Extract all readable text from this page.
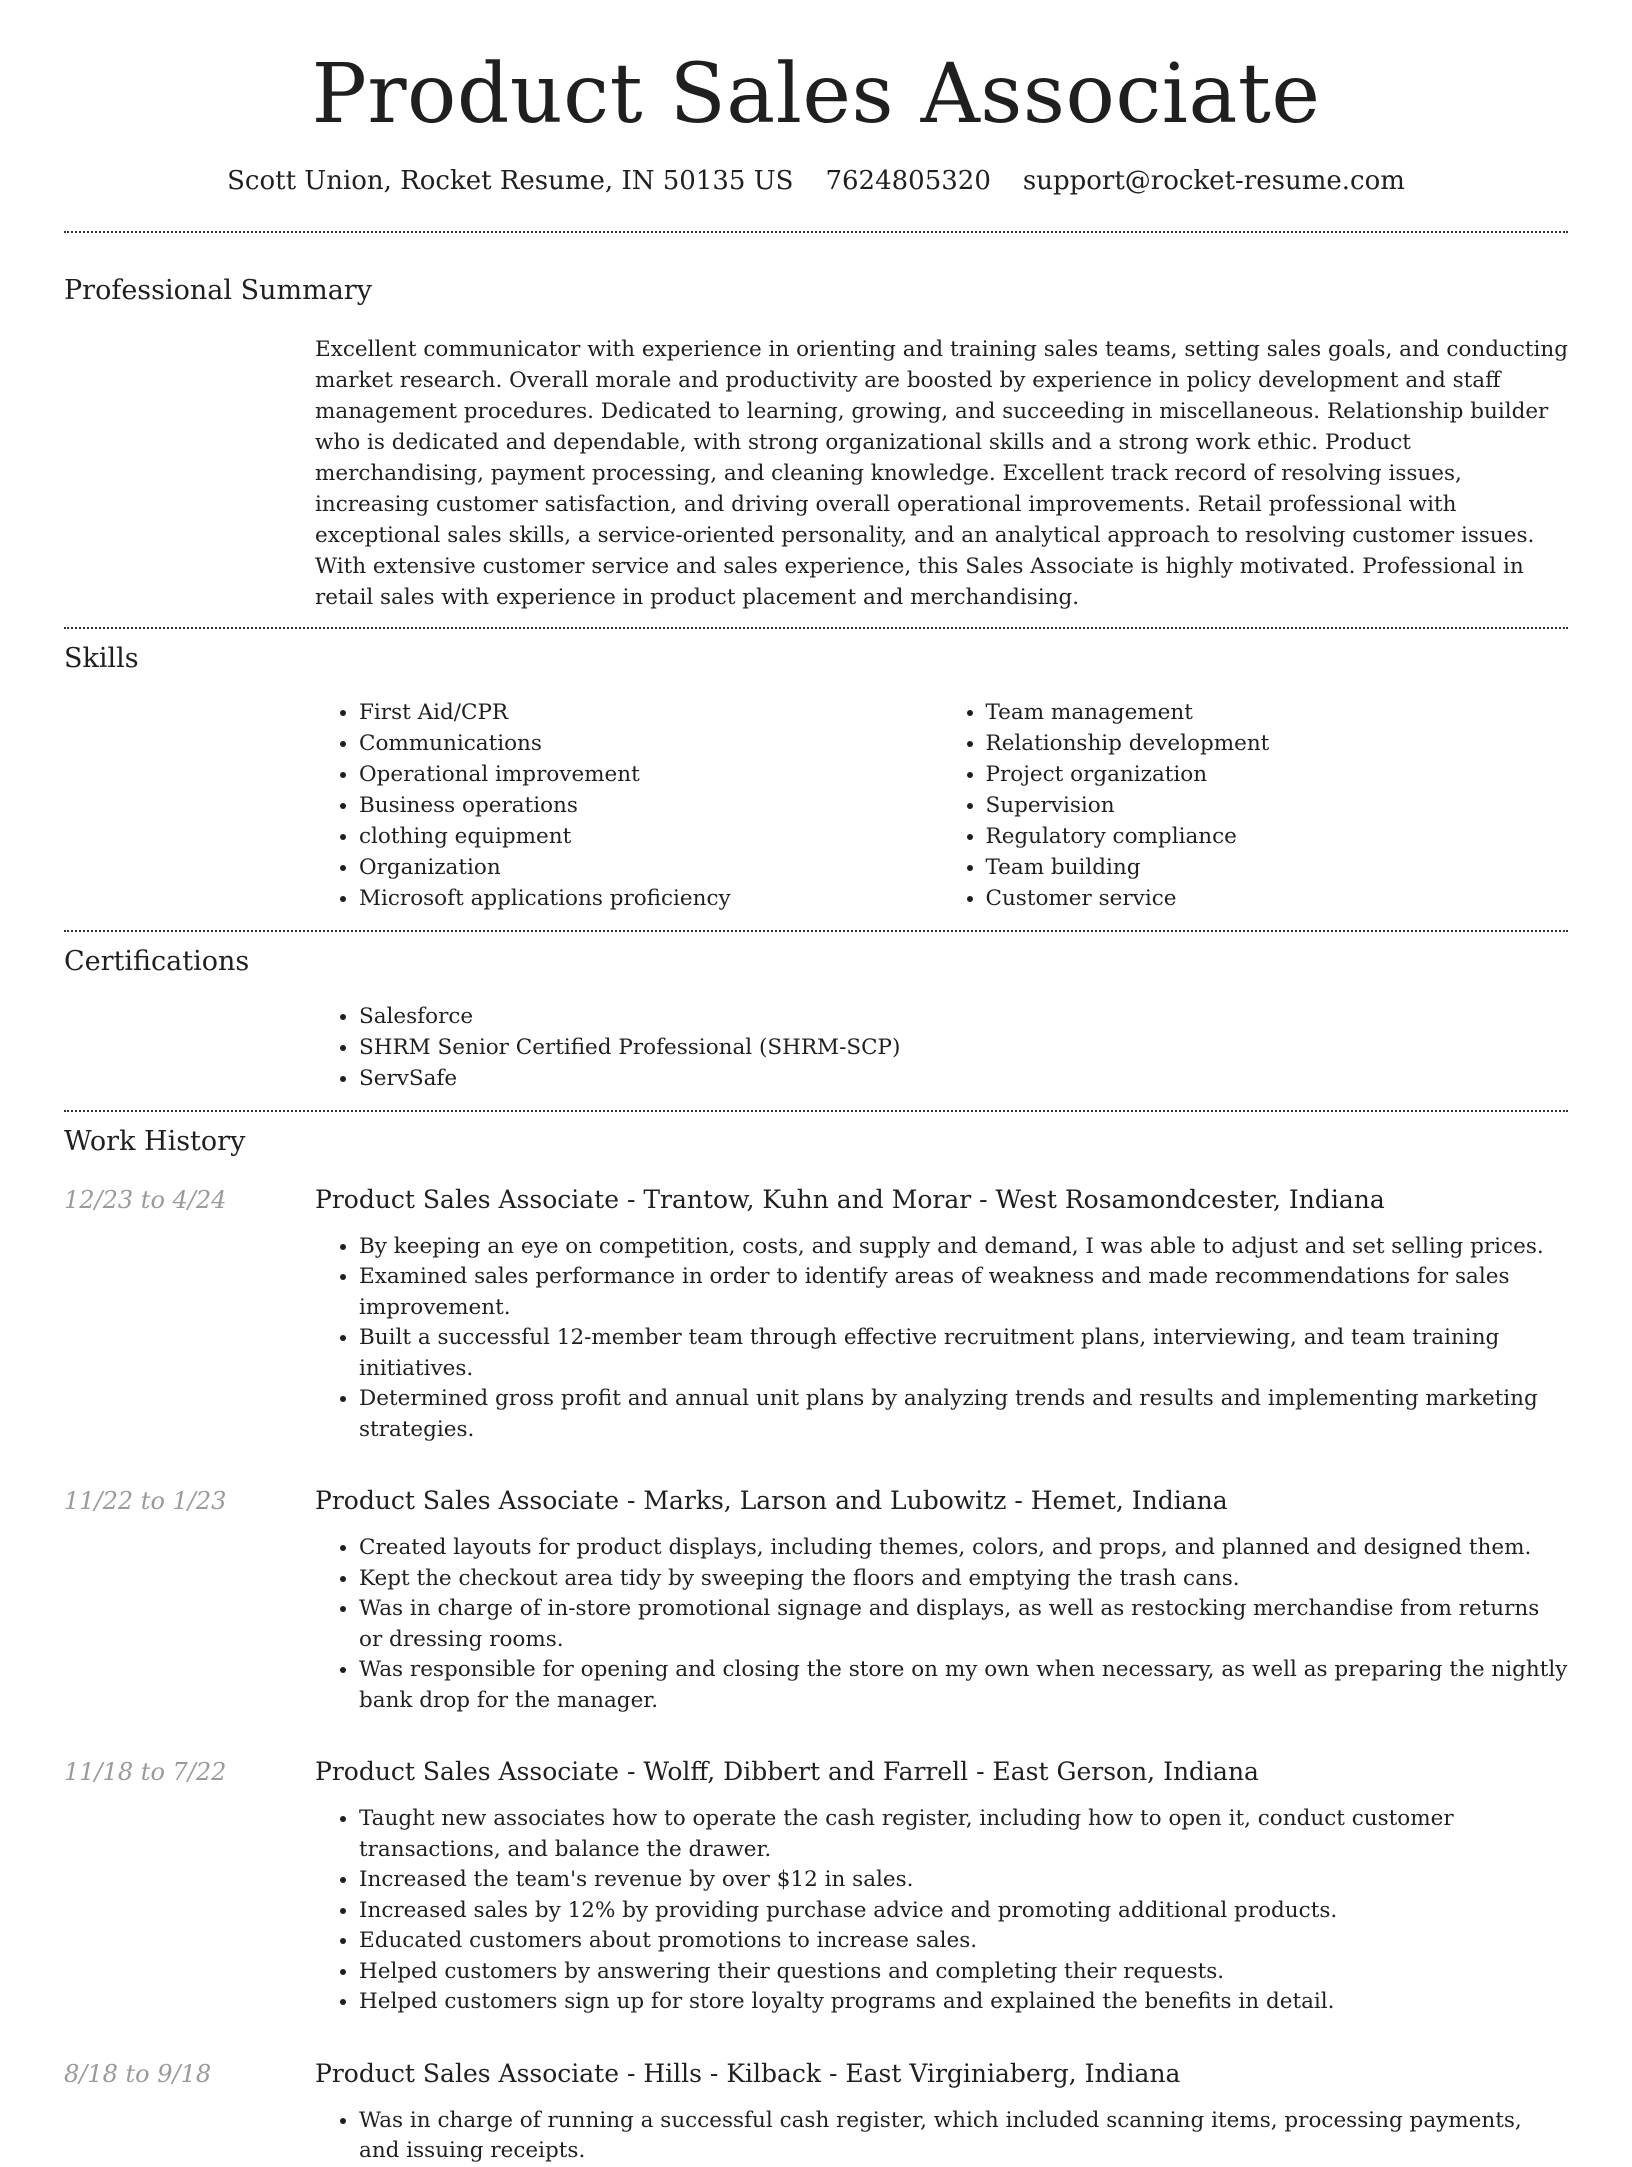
Product Sales Associate
Scott Union, Rocket Resume, IN 50135 US 7624805320 support@rocket-resume.com
Professional Summary
Excellent communicator with experience in orienting and training sales teams, setting sales goals, and conducting market research. Overall morale and productivity are boosted by experience in policy development and staff management procedures. Dedicated to learning, growing, and succeeding in miscellaneous. Relationship builder who is dedicated and dependable, with strong organizational skills and a strong work ethic. Product merchandising, payment processing, and cleaning knowledge. Excellent track record of resolving issues, increasing customer satisfaction, and driving overall operational improvements. Retail professional with exceptional sales skills, a service-oriented personality, and an analytical approach to resolving customer issues. With extensive customer service and sales experience, this Sales Associate is highly motivated. Professional in retail sales with experience in product placement and merchandising.
Skills
• First Aid/CPR
• Communications
• Operational improvement
• Business operations
• clothing equipment
• Organization
• Microsoft applications proficiency
• Team management
• Relationship development
• Project organization
• Supervision
• Regulatory compliance
• Team building
• Customer service
Certifications
• Salesforce
• SHRM Senior Certified Professional (SHRM-SCP)
• ServSafe
Work History
12/23 to 4/24	Product Sales Associate - Trantow, Kuhn and Morar - West Rosamondcester, Indiana
• By keeping an eye on competition, costs, and supply and demand, I was able to adjust and set selling prices.
• Examined sales performance in order to identify areas of weakness and made recommendations for sales improvement.
• Built a successful 12-member team through effective recruitment plans, interviewing, and team training initiatives.
• Determined gross profit and annual unit plans by analyzing trends and results and implementing marketing strategies.
11/22 to 1/23	Product Sales Associate - Marks, Larson and Lubowitz - Hemet, Indiana
• Created layouts for product displays, including themes, colors, and props, and planned and designed them.
• Kept the checkout area tidy by sweeping the floors and emptying the trash cans.
• Was in charge of in-store promotional signage and displays, as well as restocking merchandise from returns or dressing rooms.
• Was responsible for opening and closing the store on my own when necessary, as well as preparing the nightly bank drop for the manager.
11/18 to 7/22	Product Sales Associate - Wolff, Dibbert and Farrell - East Gerson, Indiana
• Taught new associates how to operate the cash register, including how to open it, conduct customer transactions, and balance the drawer.
• Increased the team's revenue by over $12 in sales.
• Increased sales by 12% by providing purchase advice and promoting additional products.
• Educated customers about promotions to increase sales.
• Helped customers by answering their questions and completing their requests.
• Helped customers sign up for store loyalty programs and explained the benefits in detail.
8/18 to 9/18	Product Sales Associate - Hills - Kilback - East Virginiaberg, Indiana
• Was in charge of running a successful cash register, which included scanning items, processing payments, and issuing receipts.
